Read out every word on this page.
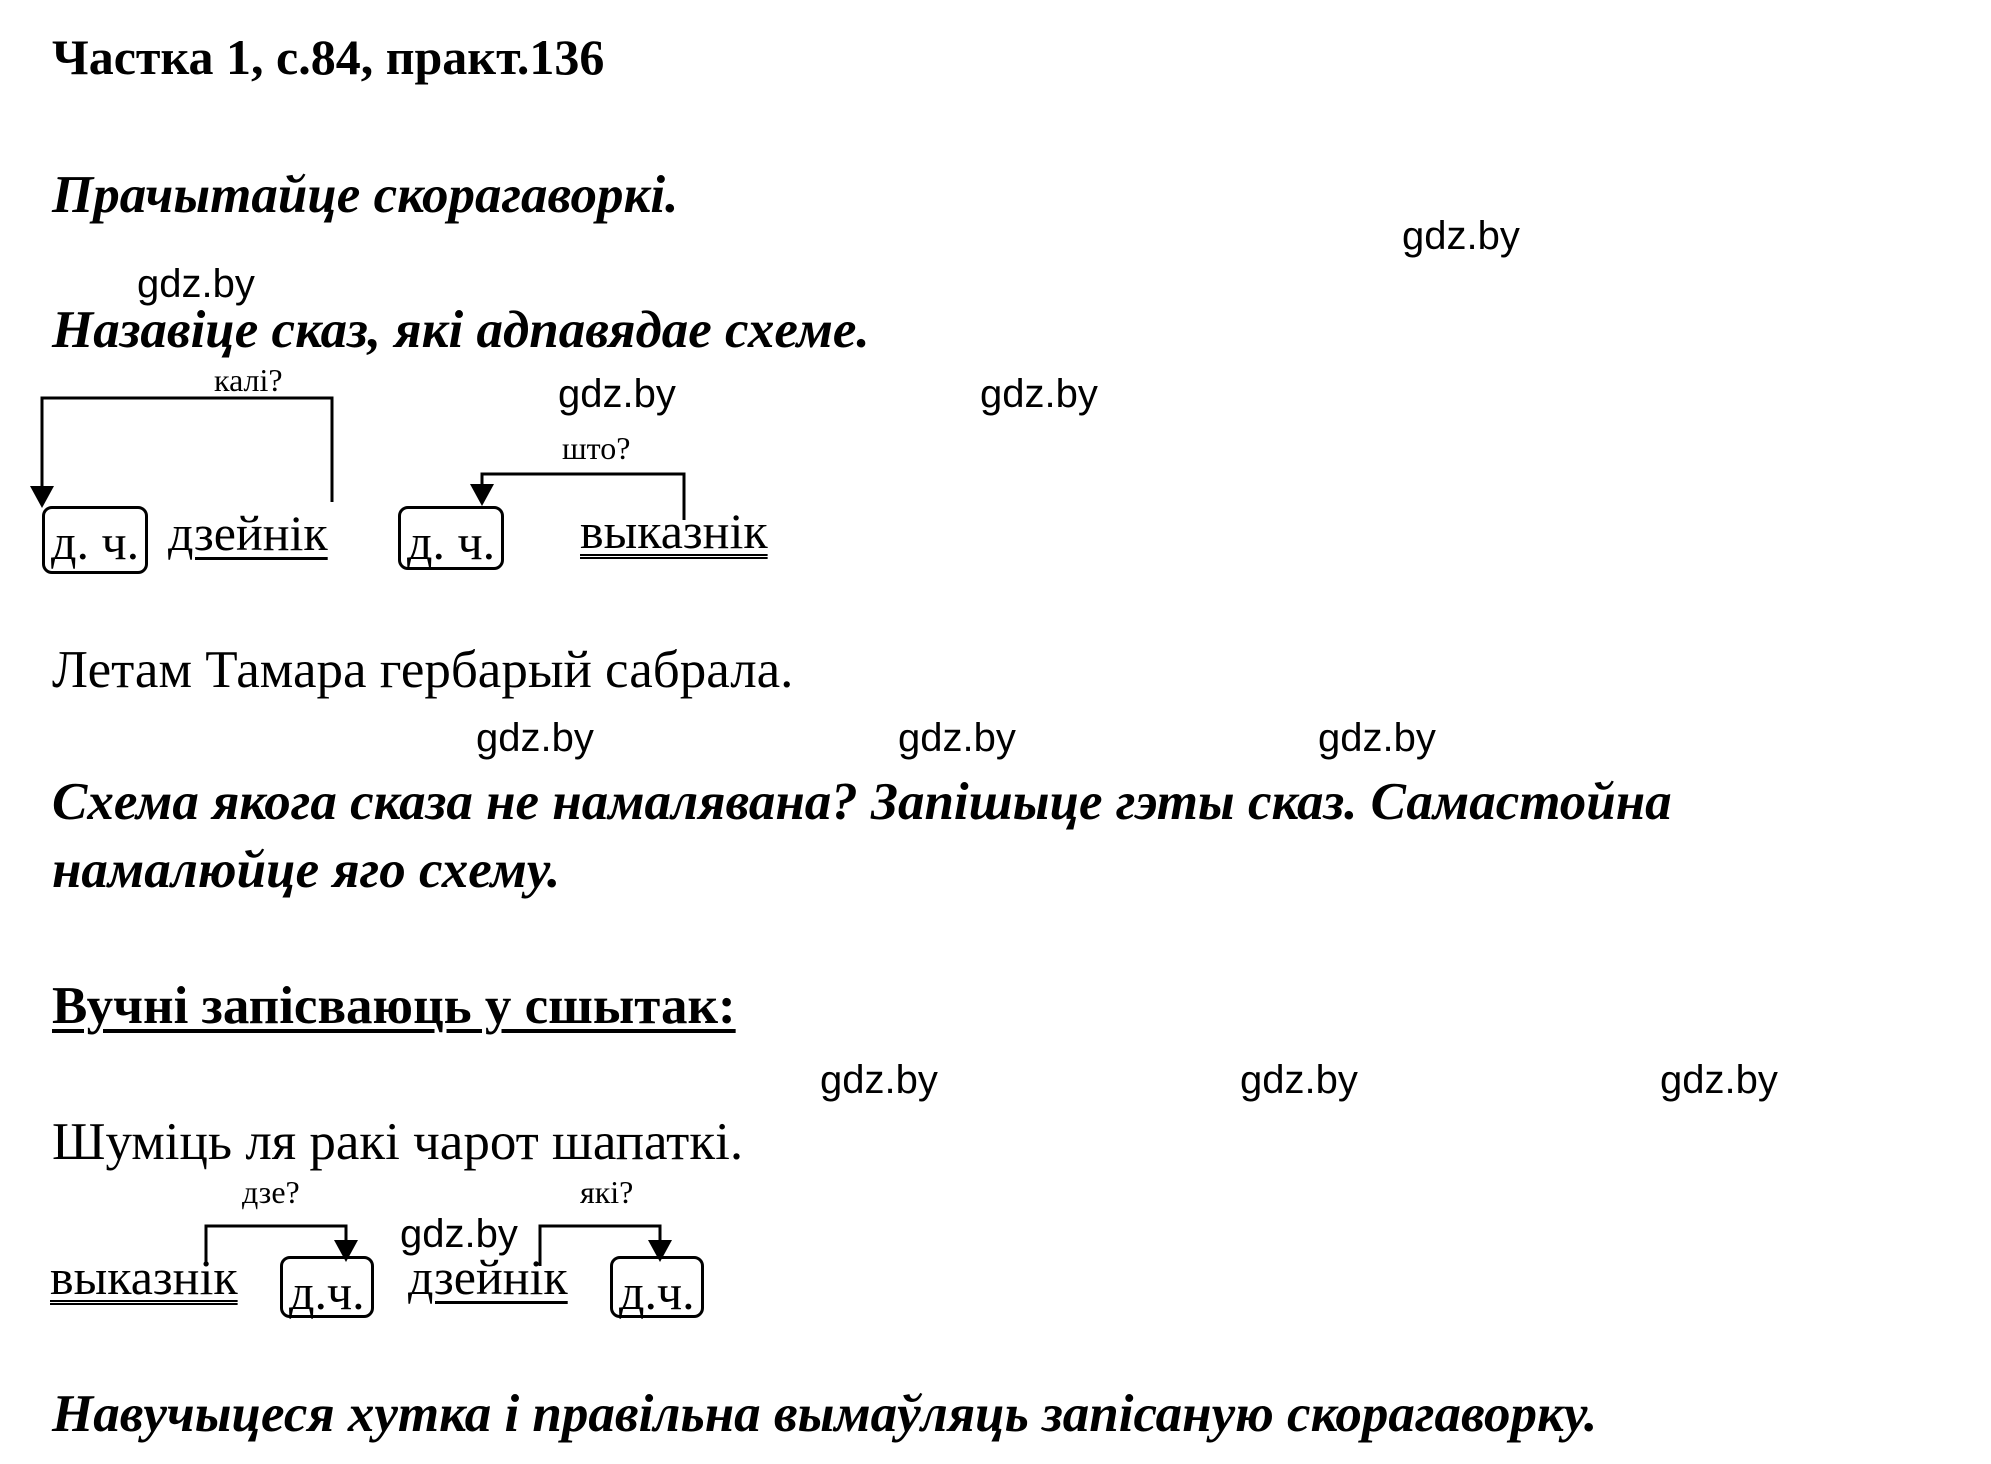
Частка 1, с.84, практ.136
Прачытайце скорагаворкі.
gdz.by
gdz.by
Назавіце сказ, які адпавядае схеме.
gdz.by	gdz.by
калі?
што?
д. ч. дзейнік д. ч. выказнік
Летам Тамара гербарый сабрала.
gdz.by	gdz.by	gdz.by
Схема якога сказа не намалявана? Запішыце гэты сказ. Самастойна
намалюйце яго схему.
Вучні запісваюць у сшытак:
gdz.by	gdz.by	gdz.by
Шуміць ля ракі чарот шапаткі.
дзе?	які?
gdz.by
выказнік д.ч. дзейнік д.ч.
Навучыцеся хутка і правільна вымаўляць запісаную скорагаворку.
